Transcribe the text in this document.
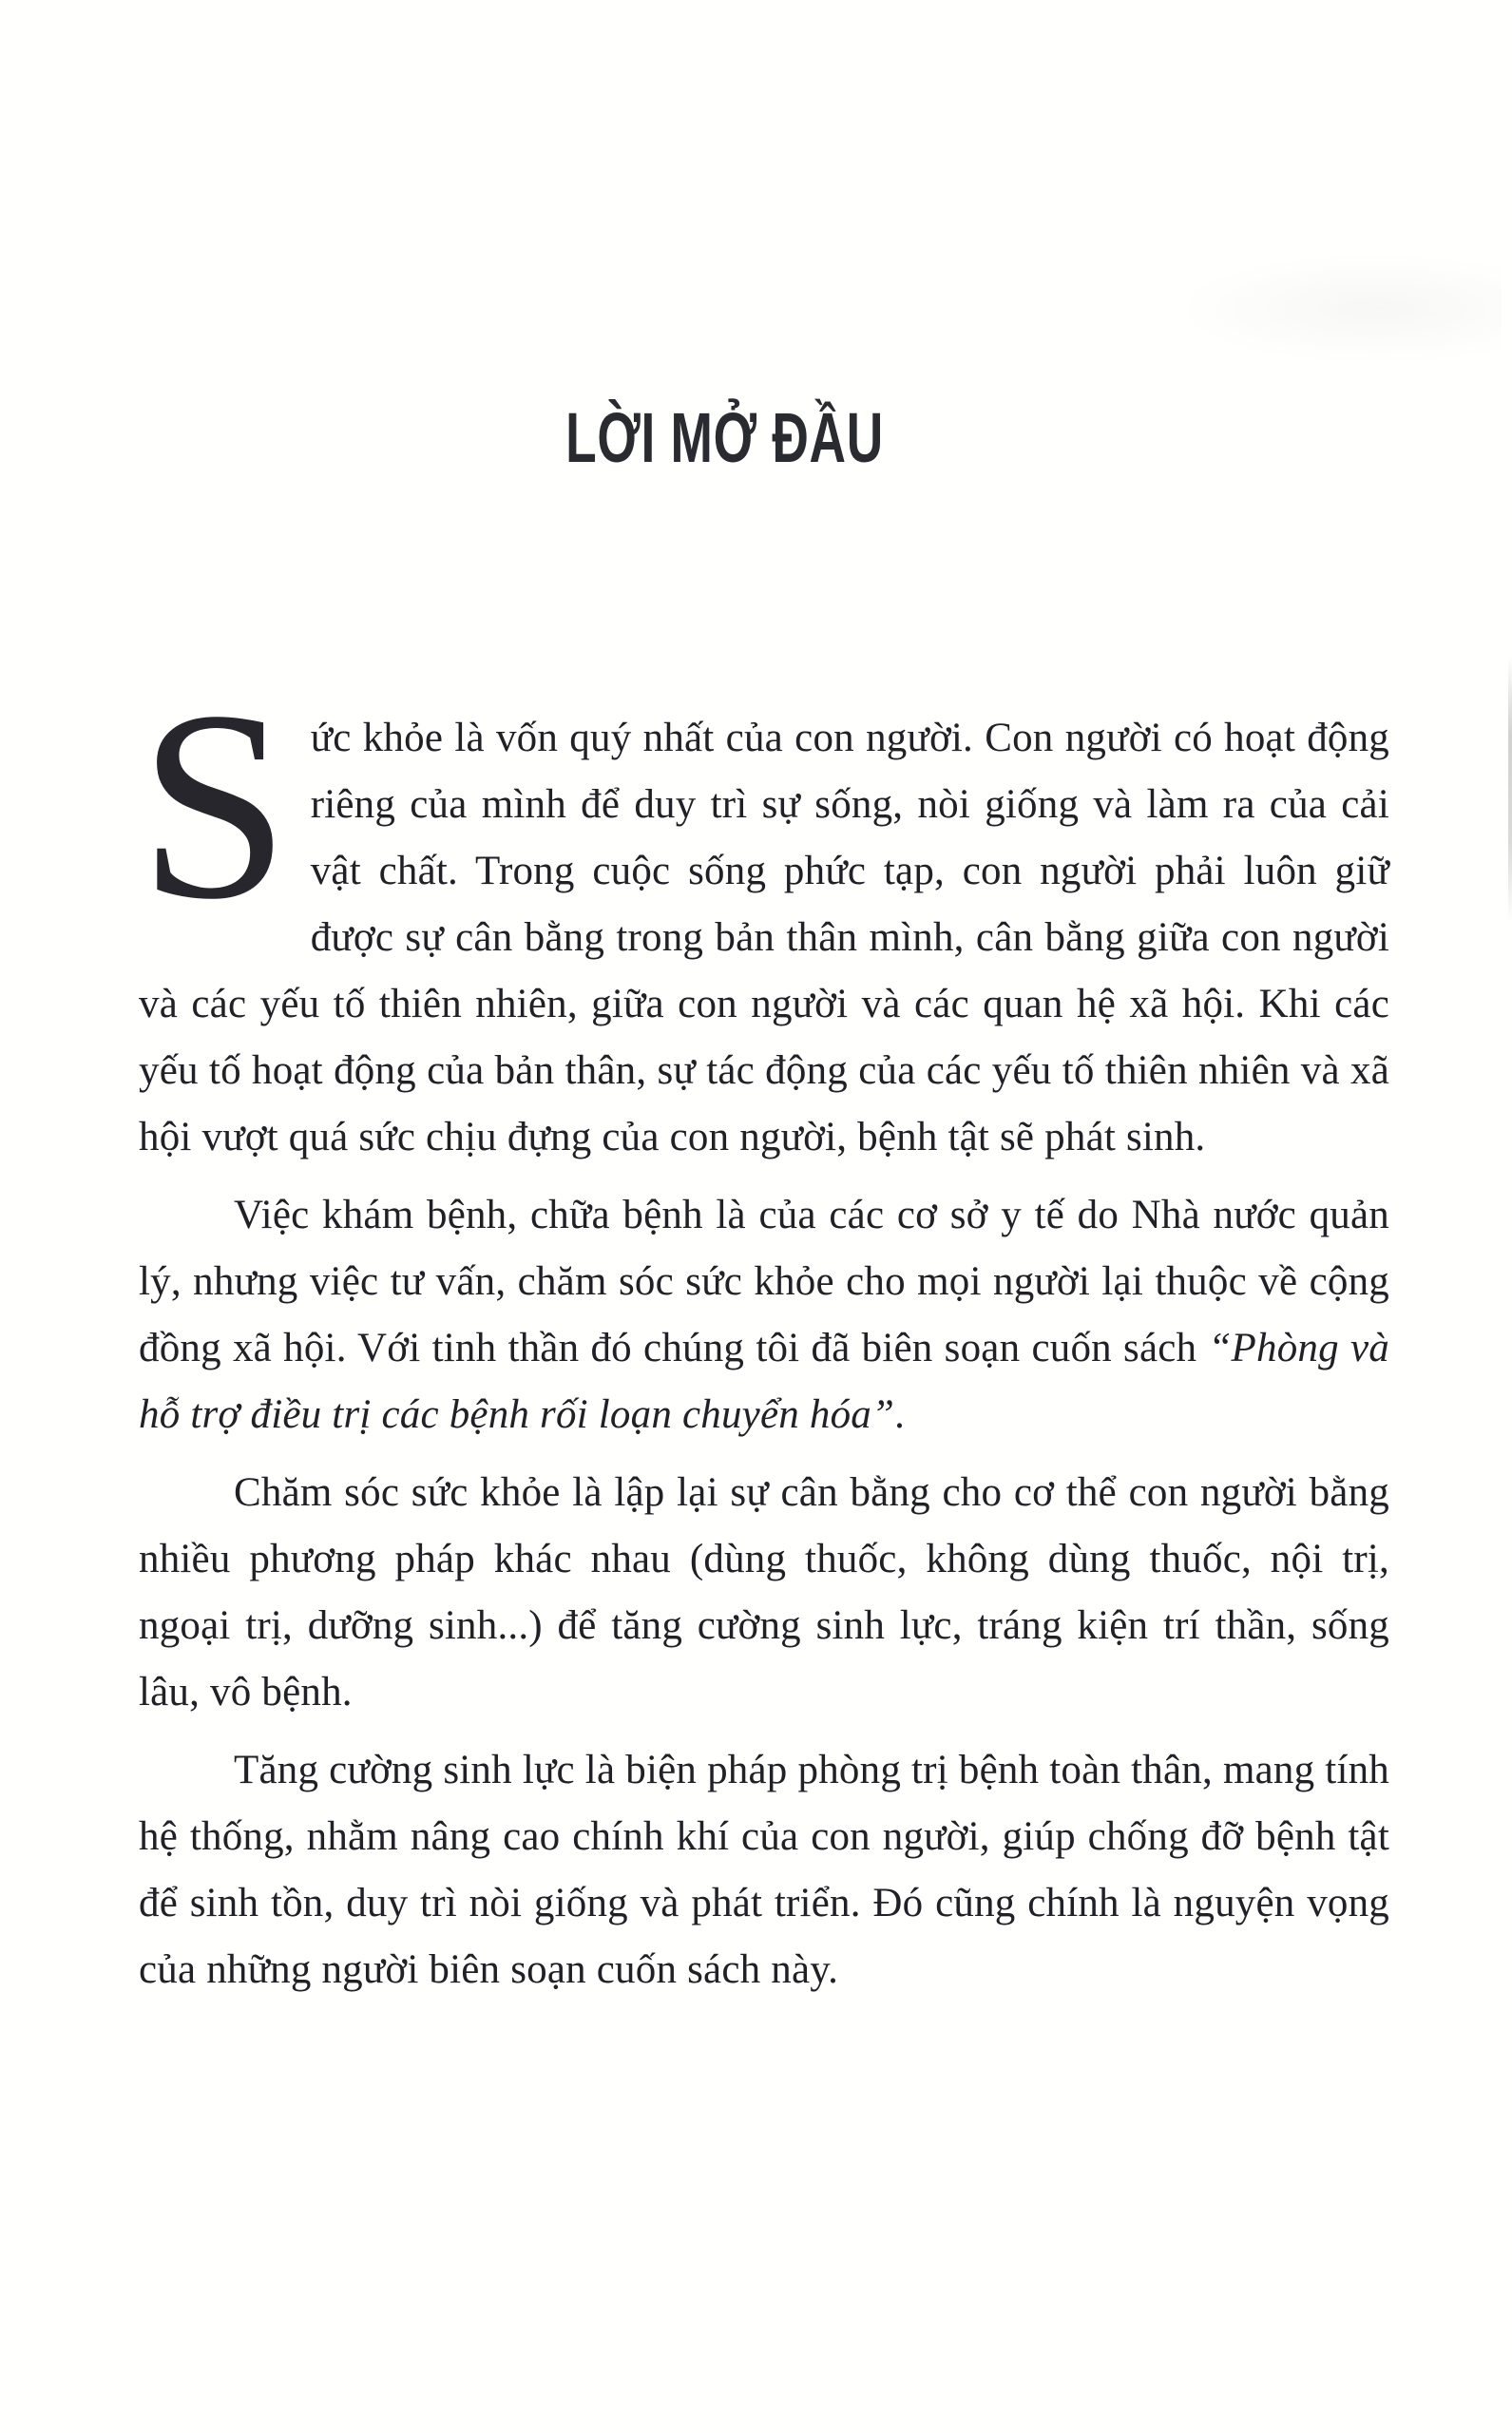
LỜI MỞ ĐẦU

Sức khỏe là vốn quý nhất của con người. Con người có hoạt động riêng của mình để duy trì sự sống, nòi giống và làm ra của cải vật chất. Trong cuộc sống phức tạp, con người phải luôn giữ được sự cân bằng trong bản thân mình, cân bằng giữa con người và các yếu tố thiên nhiên, giữa con người và các quan hệ xã hội. Khi các yếu tố hoạt động của bản thân, sự tác động của các yếu tố thiên nhiên và xã hội vượt quá sức chịu đựng của con người, bệnh tật sẽ phát sinh.

Việc khám bệnh, chữa bệnh là của các cơ sở y tế do Nhà nước quản lý, nhưng việc tư vấn, chăm sóc sức khỏe cho mọi người lại thuộc về cộng đồng xã hội. Với tinh thần đó chúng tôi đã biên soạn cuốn sách “Phòng và hỗ trợ điều trị các bệnh rối loạn chuyển hóa”.

Chăm sóc sức khỏe là lập lại sự cân bằng cho cơ thể con người bằng nhiều phương pháp khác nhau (dùng thuốc, không dùng thuốc, nội trị, ngoại trị, dưỡng sinh...) để tăng cường sinh lực, tráng kiện trí thần, sống lâu, vô bệnh.

Tăng cường sinh lực là biện pháp phòng trị bệnh toàn thân, mang tính hệ thống, nhằm nâng cao chính khí của con người, giúp chống đỡ bệnh tật để sinh tồn, duy trì nòi giống và phát triển. Đó cũng chính là nguyện vọng của những người biên soạn cuốn sách này.
